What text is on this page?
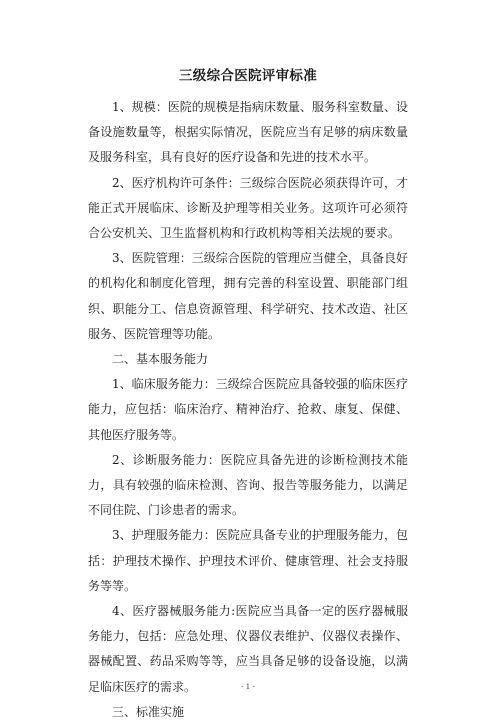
三级综合医院评审标准

1、规模：医院的规模是指病床数量、服务科室数量、设备设施数量等，根据实际情况，医院应当有足够的病床数量及服务科室，具有良好的医疗设备和先进的技术水平。

2、医疗机构许可条件：三级综合医院必须获得许可，才能正式开展临床、诊断及护理等相关业务。这项许可必须符合公安机关、卫生监督机构和行政机构等相关法规的要求。

3、医院管理：三级综合医院的管理应当健全，具备良好的机构化和制度化管理，拥有完善的科室设置、职能部门组织、职能分工、信息资源管理、科学研究、技术改造、社区服务、医院管理等功能。

二、基本服务能力

1、临床服务能力：三级综合医院应具备较强的临床医疗能力，应包括：临床治疗、精神治疗、抢救、康复、保健、其他医疗服务等。

2、诊断服务能力：医院应具备先进的诊断检测技术能力，具有较强的临床检测、咨询、报告等服务能力，以满足不同住院、门诊患者的需求。

3、护理服务能力：医院应具备专业的护理服务能力，包括：护理技术操作、护理技术评价、健康管理、社会支持服务等等。

4、医疗器械服务能力:医院应当具备一定的医疗器械服务能力，包括：应急处理、仪器仪表维护、仪器仪表操作、器械配置、药品采购等等，应当具备足够的设备设施，以满足临床医疗的需求。

三、标准实施

- 1 -
